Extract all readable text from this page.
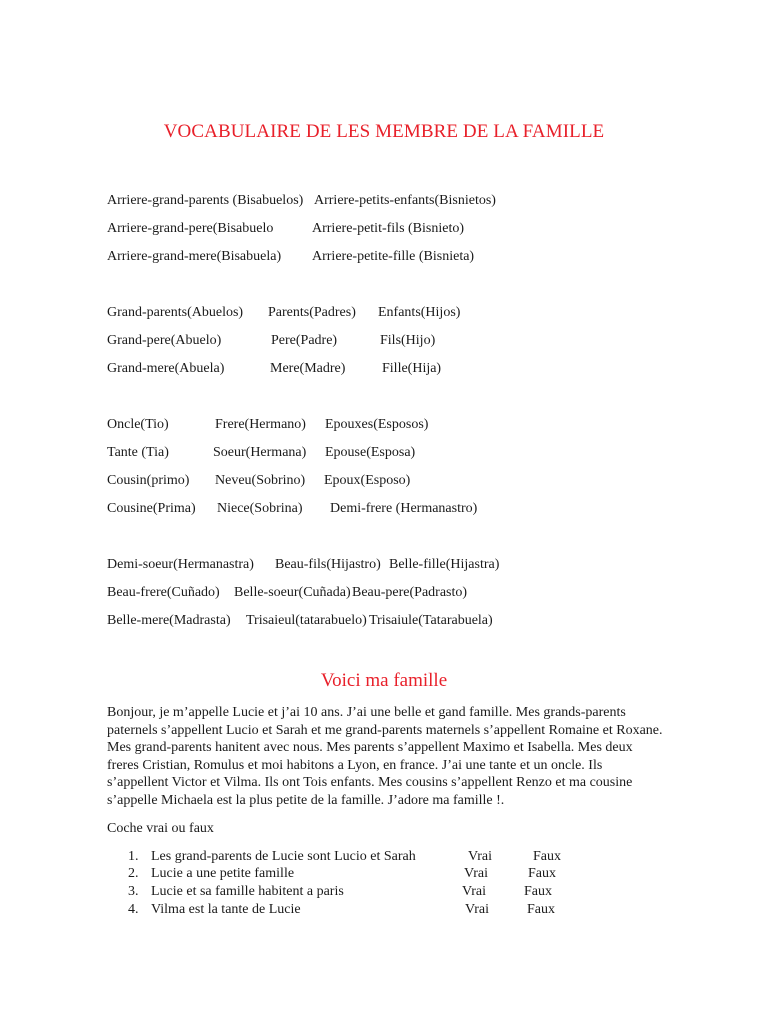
VOCABULAIRE DE LES MEMBRE DE LA FAMILLE
Arriere-grand-parents (Bisabuelos) Arriere-petits-enfants(Bisnietos)
Arriere-grand-pere(Bisabuelo	Arriere-petit-fils (Bisnieto)
Arriere-grand-mere(Bisabuela) Arriere-petite-fille (Bisnieta)
Grand-parents(Abuelos) Parents(Padres) Enfants(Hijos)
Grand-pere(Abuelo)	Pere(Padre)	Fils(Hijo)
Grand-mere(Abuela)	Mere(Madre)	Fille(Hija)
Oncle(Tio)	Frere(Hermano) Epouxes(Esposos)
Tante (Tia)	Soeur(Hermana) Epouse(Esposa)
Cousin(primo) Neveu(Sobrino) Epoux(Esposo)
Cousine(Prima) Niece(Sobrina) Demi-frere (Hermanastro)
Demi-soeur(Hermanastra) Beau-fils(Hijastro) Belle-fille(Hijastra)
Beau-frere(Cuñado) Belle-soeur(Cuñada) Beau-pere(Padrasto)
Belle-mere(Madrasta) Trisaieul(tatarabuelo) Trisaiule(Tatarabuela)
Voici ma famille
Bonjour, je m’appelle Lucie et j’ai 10 ans. J’ai une belle et gand famille. Mes grands-parents paternels s’appellent Lucio et Sarah et me grand-parents maternels s’appellent Romaine et Roxane. Mes grand-parents hanitent avec nous. Mes parents s’appellent Maximo et Isabella. Mes deux freres Cristian, Romulus et moi habitons a Lyon, en france. J’ai une tante et un oncle. Ils s’appellent Victor et Vilma. Ils ont Tois enfants. Mes cousins s’appellent Renzo et ma cousine s’appelle Michaela est la plus petite de la famille. J’adore ma famille !.
Coche vrai ou faux
1. Les grand-parents de Lucie sont Lucio et Sarah	Vrai	Faux
2. Lucie a une petite famille	Vrai	Faux
3. Lucie et sa famille habitent a paris	Vrai	Faux
4. Vilma est la tante de Lucie	Vrai	Faux
